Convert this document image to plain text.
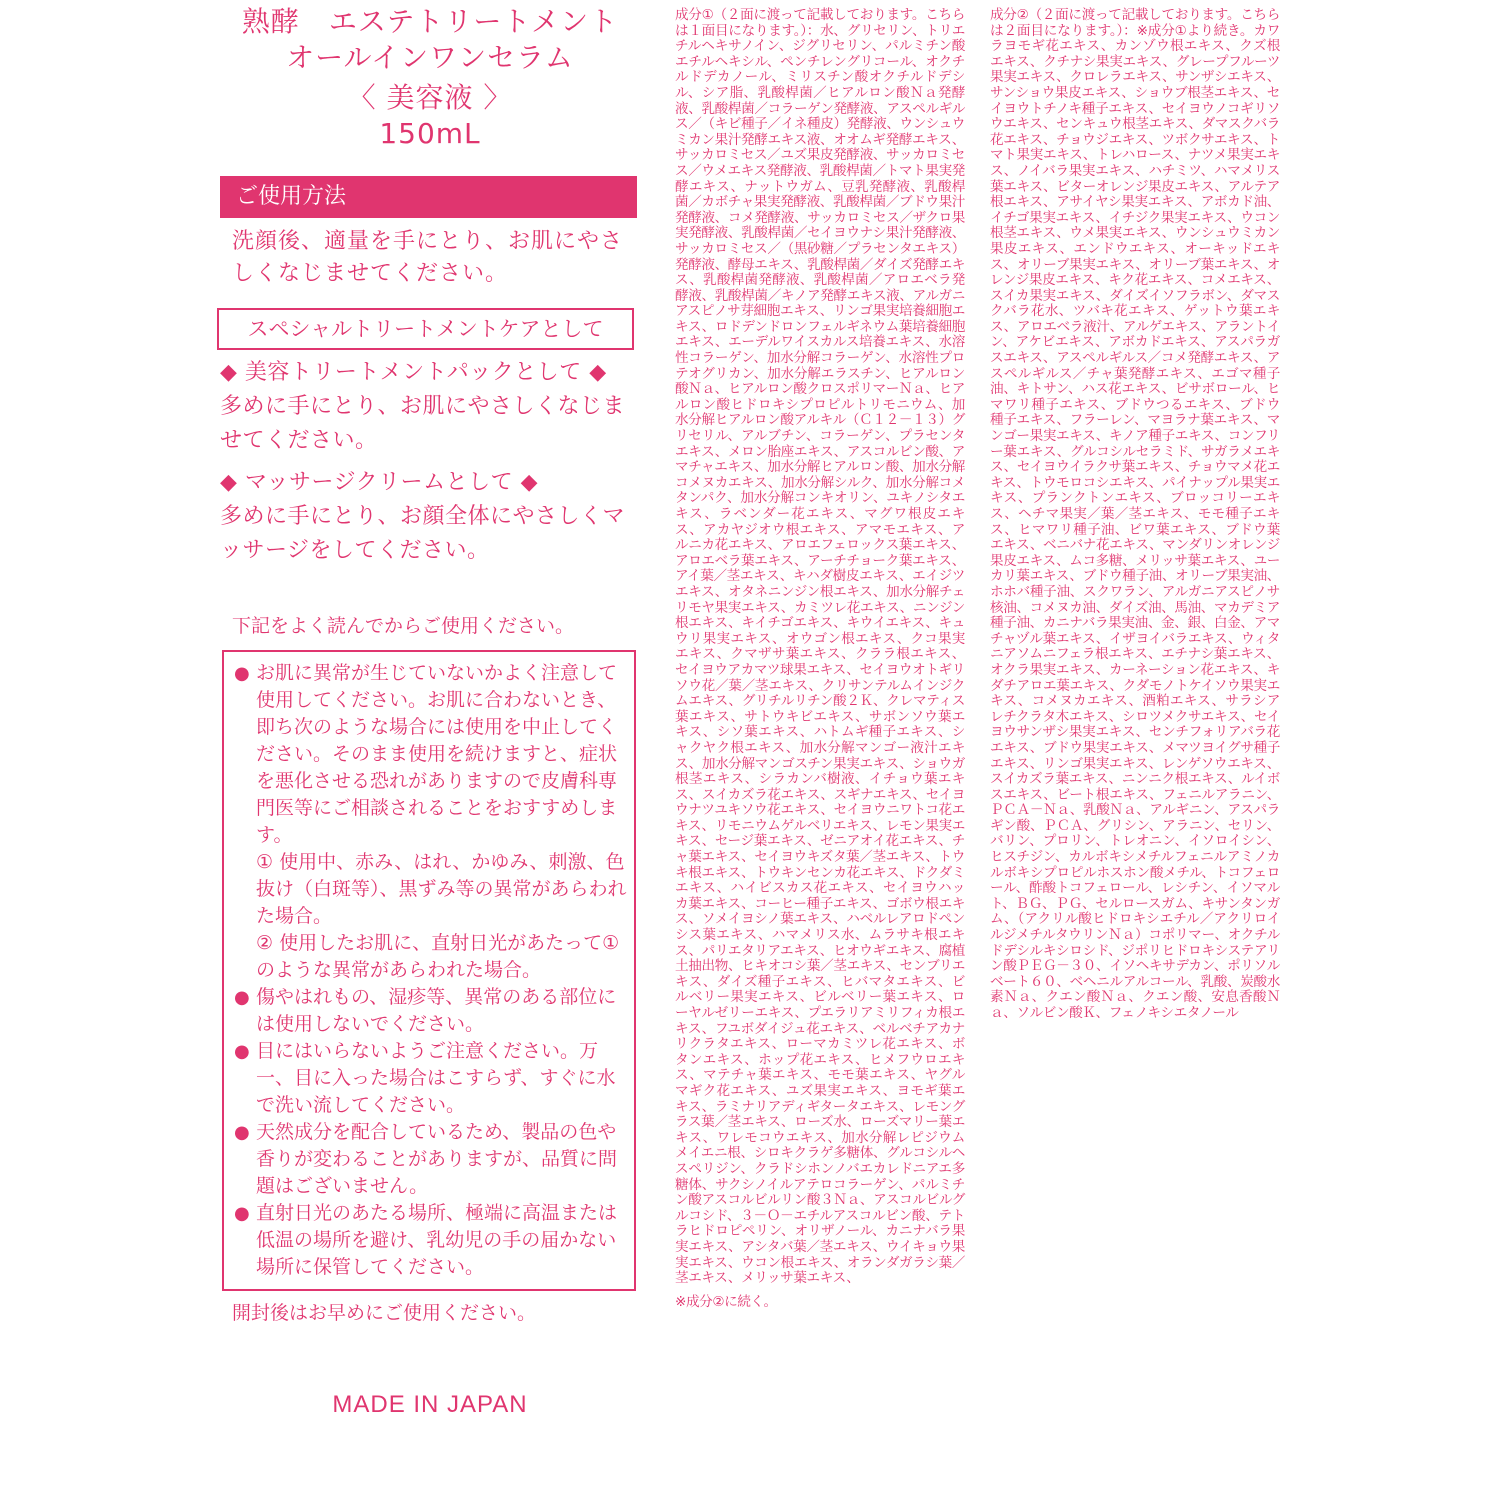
熟酵　エステトリートメント
オールインワンセラム
〈 美容液 〉
150mL
ご使用方法
洗顔後、適量を手にとり、お肌にやさしくなじませてください。
スペシャルトリートメントケアとして
◆ 美容トリートメントパックとして ◆
多めに手にとり、お肌にやさしくなじませてください。
◆ マッサージクリームとして ◆
多めに手にとり、お顔全体にやさしくマッサージをしてください。
下記をよく読んでからご使用ください。
● お肌に異常が生じていないかよく注意して使用してください。お肌に合わないとき、即ち次のような場合には使用を中止してください。そのまま使用を続けますと、症状を悪化させる恐れがありますので皮膚科専門医等にご相談されることをおすすめします。
① 使用中、赤み、はれ、かゆみ、刺激、色抜け（白斑等）、黒ずみ等の異常があらわれた場合。
② 使用したお肌に、直射日光があたって①のような異常があらわれた場合。
● 傷やはれもの、湿疹等、異常のある部位には使用しないでください。
● 目にはいらないようご注意ください。万一、目に入った場合はこすらず、すぐに水で洗い流してください。
● 天然成分を配合しているため、製品の色や香りが変わることがありますが、品質に問題はございません。
● 直射日光のあたる場所、極端に高温または低温の場所を避け、乳幼児の手の届かない場所に保管してください。
開封後はお早めにご使用ください。
MADE IN JAPAN
成分①（２面に渡って記載しております。こちらは１面目になります。）：水、グリセリン、トリエチルヘキサノイン、ジグリセリン、パルミチン酸エチルヘキシル、ペンチレングリコール、オクチルドデカノール、ミリスチン酸オクチルドデシル、シア脂、乳酸桿菌／ヒアルロン酸Ｎａ発酵液、乳酸桿菌／コラーゲン発酵液、アスペルギルス／（キビ種子／イネ種皮）発酵液、ウンシュウミカン果汁発酵エキス液、オオムギ発酵エキス、サッカロミセス／ユズ果皮発酵液、サッカロミセス／ウメエキス発酵液、乳酸桿菌／トマト果実発酵エキス、ナットウガム、豆乳発酵液、乳酸桿菌／カボチャ果実発酵液、乳酸桿菌／ブドウ果汁発酵液、コメ発酵液、サッカロミセス／ザクロ果実発酵液、乳酸桿菌／セイヨウナシ果汁発酵液、サッカロミセス／（黒砂糖／プラセンタエキス）発酵液、酵母エキス、乳酸桿菌／ダイズ発酵エキス、乳酸桿菌発酵液、乳酸桿菌／アロエベラ発酵液、乳酸桿菌／キノア発酵エキス液、アルガニアスピノサ芽細胞エキス、リンゴ果実培養細胞エキス、ロドデンドロンフェルギネウム葉培養細胞エキス、エーデルワイスカルス培養エキス、水溶性コラーゲン、加水分解コラーゲン、水溶性プロテオグリカン、加水分解エラスチン、ヒアルロン酸Ｎａ、ヒアルロン酸クロスポリマーＮａ、ヒアルロン酸ヒドロキシプロピルトリモニウム、加水分解ヒアルロン酸アルキル（Ｃ１２－１３）グリセリル、アルブチン、コラーゲン、プラセンタエキス、メロン胎座エキス、アスコルビン酸、アマチャエキス、加水分解ヒアルロン酸、加水分解コメヌカエキス、加水分解シルク、加水分解コメタンパク、加水分解コンキオリン、ユキノシタエキス、ラベンダー花エキス、マグワ根皮エキス、アカヤジオウ根エキス、アマモエキス、アルニカ花エキス、アロエフェロックス葉エキス、アロエベラ葉エキス、アーチチョーク葉エキス、アイ葉／茎エキス、キハダ樹皮エキス、エイジツエキス、オタネニンジン根エキス、加水分解チェリモヤ果実エキス、カミツレ花エキス、ニンジン根エキス、キイチゴエキス、キウイエキス、キュウリ果実エキス、オウゴン根エキス、クコ果実エキス、クマザサ葉エキス、クララ根エキス、セイヨウアカマツ球果エキス、セイヨウオトギリソウ花／葉／茎エキス、クリサンテルムインジクムエキス、グリチルリチン酸２Ｋ、クレマティス葉エキス、サトウキビエキス、サボンソウ葉エキス、シソ葉エキス、ハトムギ種子エキス、シャクヤク根エキス、加水分解マンゴー液汁エキス、加水分解マンゴスチン果実エキス、ショウガ根茎エキス、シラカンバ樹液、イチョウ葉エキス、スイカズラ花エキス、スギナエキス、セイヨウナツユキソウ花エキス、セイヨウニワトコ花エキス、リモニウムゲルベリエキス、レモン果実エキス、セージ葉エキス、ゼニアオイ花エキス、チャ葉エキス、セイヨウキズタ葉／茎エキス、トウキ根エキス、トウキンセンカ花エキス、ドクダミエキス、ハイビスカス花エキス、セイヨウハッカ葉エキス、コーヒー種子エキス、ゴボウ根エキス、ソメイヨシノ葉エキス、ハベルレアロドペンシス葉エキス、ハマメリス水、ムラサキ根エキス、パリエタリアエキス、ヒオウギエキス、腐植土抽出物、ヒキオコシ葉／茎エキス、センブリエキス、ダイズ種子エキス、ヒバマタエキス、ビルベリー果実エキス、ビルベリー葉エキス、ローヤルゼリーエキス、プエラリアミリフィカ根エキス、フユボダイジュ花エキス、ベルベチアカナリクラタエキス、ローマカミツレ花エキス、ボタンエキス、ホップ花エキス、ヒメフウロエキス、マテチャ葉エキス、モモ葉エキス、ヤグルマギク花エキス、ユズ果実エキス、ヨモギ葉エキス、ラミナリアディギタータエキス、レモングラス葉／茎エキス、ローズ水、ローズマリー葉エキス、ワレモコウエキス、加水分解レピジウムメイエニ根、シロキクラゲ多糖体、グルコシルヘスペリジン、クラドシホンノバエカレドニアエ多糖体、サクシノイルアテロコラーゲン、パルミチン酸アスコルビルリン酸３Ｎａ、アスコルビルグルコシド、３－Ｏ－エチルアスコルビン酸、テトラヒドロピペリン、オリザノール、カニナバラ果実エキス、アシタバ葉／茎エキス、ウイキョウ果実エキス、ウコン根エキス、オランダガラシ葉／茎エキス、メリッサ葉エキス、
※成分②に続く。
成分②（２面に渡って記載しております。こちらは２面目になります。）：※成分①より続き。カワラヨモギ花エキス、カンゾウ根エキス、クズ根エキス、クチナシ果実エキス、グレープフルーツ果実エキス、クロレラエキス、サンザシエキス、サンショウ果皮エキス、ショウブ根茎エキス、セイヨウトチノキ種子エキス、セイヨウノコギリソウエキス、センキュウ根茎エキス、ダマスクバラ花エキス、チョウジエキス、ツボクサエキス、トマト果実エキス、トレハロース、ナツメ果実エキス、ノイバラ果実エキス、ハチミツ、ハマメリス葉エキス、ビターオレンジ果皮エキス、アルテア根エキス、アサイヤシ果実エキス、アボカド油、イチゴ果実エキス、イチジク果実エキス、ウコン根茎エキス、ウメ果実エキス、ウンシュウミカン果皮エキス、エンドウエキス、オーキッドエキス、オリーブ果実エキス、オリーブ葉エキス、オレンジ果皮エキス、キク花エキス、コメエキス、スイカ果実エキス、ダイズイソフラボン、ダマスクバラ花水、ツバキ花エキス、ゲットウ葉エキス、アロエベラ液汁、アルゲエキス、アラントイン、アケビエキス、アボカドエキス、アスパラガスエキス、アスペルギルス／コメ発酵エキス、アスペルギルス／チャ葉発酵エキス、エゴマ種子油、キトサン、ハス花エキス、ビサボロール、ヒマワリ種子エキス、ブドウつるエキス、ブドウ種子エキス、フラーレン、マヨラナ葉エキス、マンゴー果実エキス、キノア種子エキス、コンフリー葉エキス、グルコシルセラミド、サガラメエキス、セイヨウイラクサ葉エキス、チョウマメ花エキス、トウモロコシエキス、パイナップル果実エキス、プランクトンエキス、ブロッコリーエキス、ヘチマ果実／葉／茎エキス、モモ種子エキス、ヒマワリ種子油、ビワ葉エキス、ブドウ葉エキス、ベニバナ花エキス、マンダリンオレンジ果皮エキス、ムコ多糖、メリッサ葉エキス、ユーカリ葉エキス、ブドウ種子油、オリーブ果実油、ホホバ種子油、スクワラン、アルガニアスピノサ核油、コメヌカ油、ダイズ油、馬油、マカデミア種子油、カニナバラ果実油、金、銀、白金、アマチャヅル葉エキス、イザヨイバラエキス、ウィタニアソムニフェラ根エキス、エチナシ葉エキス、オクラ果実エキス、カーネーション花エキス、キダチアロエ葉エキス、クダモノトケイソウ果実エキス、コメヌカエキス、酒粕エキス、サラシアレチクラタ木エキス、シロツメクサエキス、セイヨウサンザシ果実エキス、センチフォリアバラ花エキス、ブドウ果実エキス、メマツヨイグサ種子エキス、リンゴ果実エキス、レンゲソウエキス、スイカズラ葉エキス、ニンニク根エキス、ルイボスエキス、ビート根エキス、フェニルアラニン、ＰＣＡ－Ｎａ、乳酸Ｎａ、アルギニン、アスパラギン酸、ＰＣＡ、グリシン、アラニン、セリン、バリン、プロリン、トレオニン、イソロイシン、ヒスチジン、カルボキシメチルフェニルアミノカルボキシプロピルホスホン酸メチル、トコフェロール、酢酸トコフェロール、レシチン、イソマルト、ＢＧ、ＰＧ、セルロースガム、キサンタンガム、（アクリル酸ヒドロキシエチル／アクリロイルジメチルタウリンＮａ）コポリマー、オクチルドデシルキシロシド、ジポリヒドロキシステアリン酸ＰＥＧ－３０、イソヘキサデカン、ポリソルベート６０、ベヘニルアルコール、乳酸、炭酸水素Ｎａ、クエン酸Ｎａ、クエン酸、安息香酸Ｎａ、ソルビン酸Ｋ、フェノキシエタノール
